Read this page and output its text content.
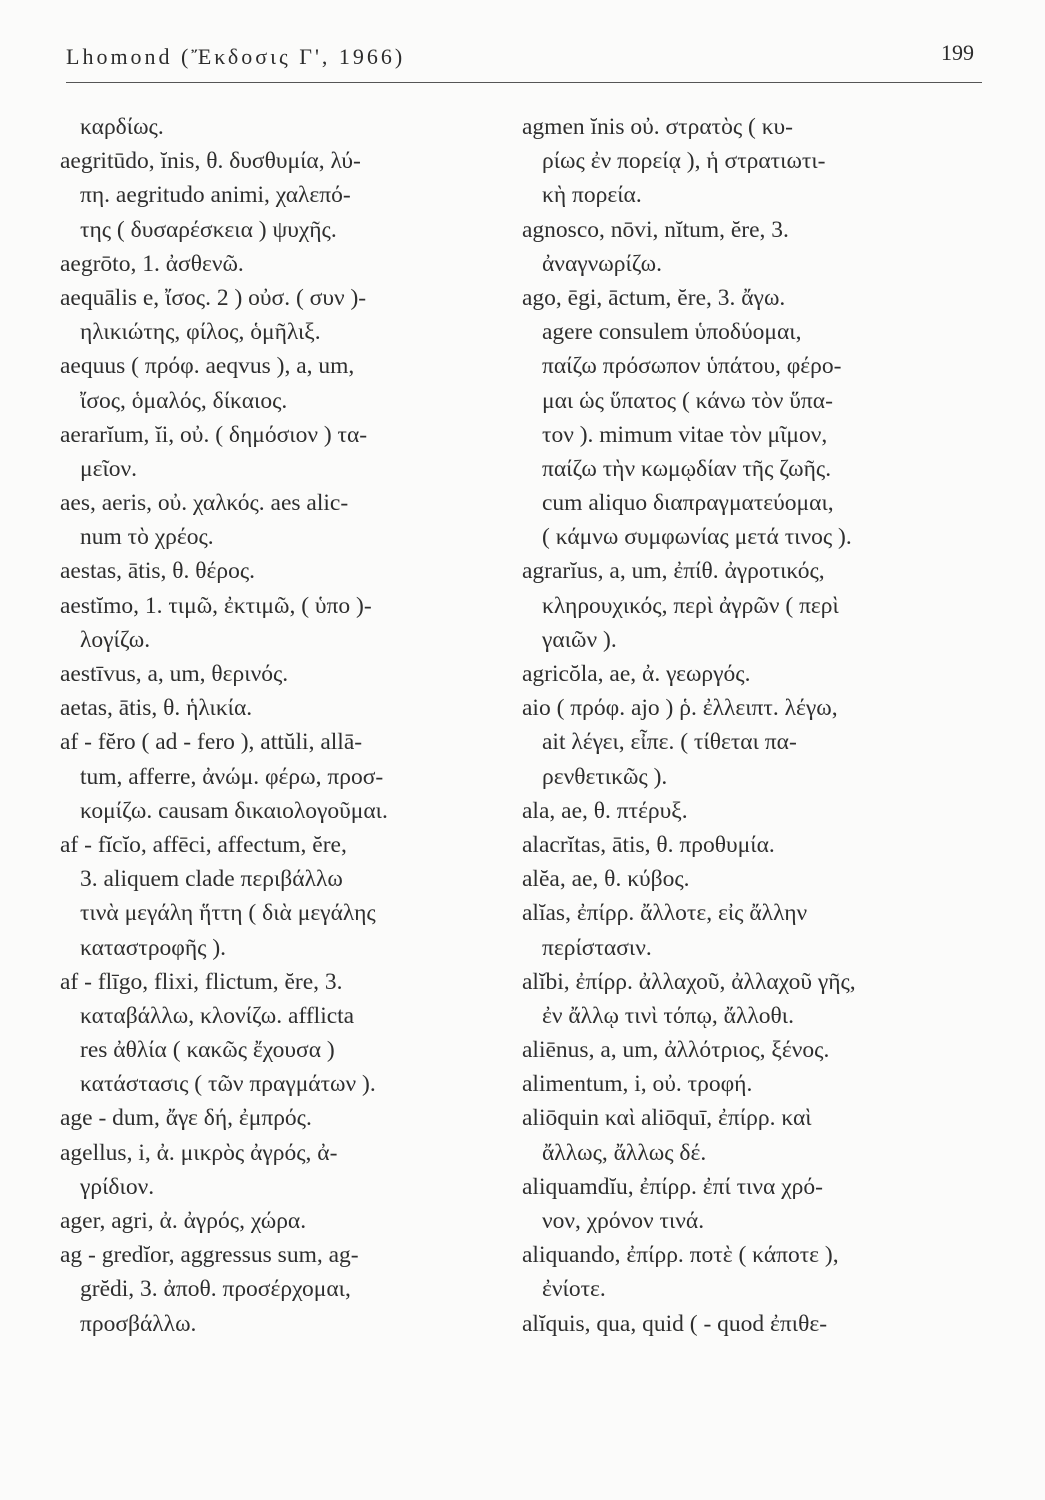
Lhomond (Ἔκδοσις Γ', 1966)	199
καρδίως.
aegritūdo, ĭnis, θ. δυσθυμία, λύ-
πη. aegritudo animi, χαλεπό-
της ( δυσαρέσκεια ) ψυχῆς.
aegrōto, 1. ἀσθενῶ.
aequālis e, ἴσος. 2 ) οὐσ. ( συν )-
ηλικιώτης, φίλος, ὁμῆλιξ.
aequus ( πρόφ. aeqvus ), a, um,
ἴσος, ὁμαλός, δίκαιος.
aerarĭum, ĭi, οὐ. ( δημόσιον ) τα-
μεῖον.
aes, aeris, οὐ. χαλκός. aes alic-
num τὸ χρέος.
aestas, ātis, θ. θέρος.
aestĭmo, 1. τιμῶ, ἐκτιμῶ, ( ὑπο )-
λογίζω.
aestīvus, a, um, θερινός.
aetas, ātis, θ. ἡλικία.
af - fĕro ( ad - fero ), attŭli, allā-
tum, afferre, ἀνώμ. φέρω, προσ-
κομίζω. causam δικαιολογοῦμαι.
af - fĭcĭo, affēci, affectum, ĕre,
3. aliquem clade περιβάλλω
τινὰ μεγάλη ἥττη ( διὰ μεγάλης
καταστροφῆς ).
af - flīgo, flixi, flictum, ĕre, 3.
καταβάλλω, κλονίζω. afflicta
res ἀθλία ( κακῶς ἔχουσα )
κατάστασις ( τῶν πραγμάτων ).
age - dum, ἄγε δή, ἐμπρός.
agellus, i, ἀ. μικρὸς ἀγρός, ἀ-
γρίδιον.
ager, agri, ἀ. ἀγρός, χώρα.
ag - gredĭor, aggressus sum, ag-
grĕdi, 3. ἀποθ. προσέρχομαι,
προσβάλλω.
agmen ĭnis οὐ. στρατὸς ( κυ-
ρίως ἐν πορείᾳ ), ἡ στρατιωτι-
κὴ πορεία.
agnosco, nōvi, nĭtum, ĕre, 3.
ἀναγνωρίζω.
ago, ēgi, āctum, ĕre, 3. ἄγω.
agere consulem ὑποδύομαι,
παίζω πρόσωπον ὑπάτου, φέρο-
μαι ὡς ὕπατος ( κάνω τὸν ὕπα-
τον ). mimum vitae τὸν μῖμον,
παίζω τὴν κωμῳδίαν τῆς ζωῆς.
cum aliquo διαπραγματεύομαι,
( κάμνω συμφωνίας μετά τινος ).
agrarĭus, a, um, ἐπίθ. ἀγροτικός,
κληρουχικός, περὶ ἀγρῶν ( περὶ
γαιῶν ).
agricŏla, ae, ἀ. γεωργός.
aio ( πρόφ. ajo ) ῥ. ἐλλειπτ. λέγω,
ait λέγει, εἶπε. ( τίθεται πα-
ρενθετικῶς ).
ala, ae, θ. πτέρυξ.
alacrĭtas, ātis, θ. προθυμία.
alĕa, ae, θ. κύβος.
alĭas, ἐπίρρ. ἄλλοτε, εἰς ἄλλην
περίστασιν.
alĭbi, ἐπίρρ. ἀλλαχοῦ, ἀλλαχοῦ γῆς,
ἐν ἄλλῳ τινὶ τόπῳ, ἄλλοθι.
aliēnus, a, um, ἀλλότριος, ξένος.
alimentum, i, οὐ. τροφή.
aliōquin καὶ aliōquī, ἐπίρρ. καὶ
ἄλλως, ἄλλως δέ.
aliquamdĭu, ἐπίρρ. ἐπί τινα χρό-
νον, χρόνον τινά.
aliquando, ἐπίρρ. ποτὲ ( κάποτε ),
ἐνίοτε.
alĭquis, qua, quid ( - quod ἐπιθε-
